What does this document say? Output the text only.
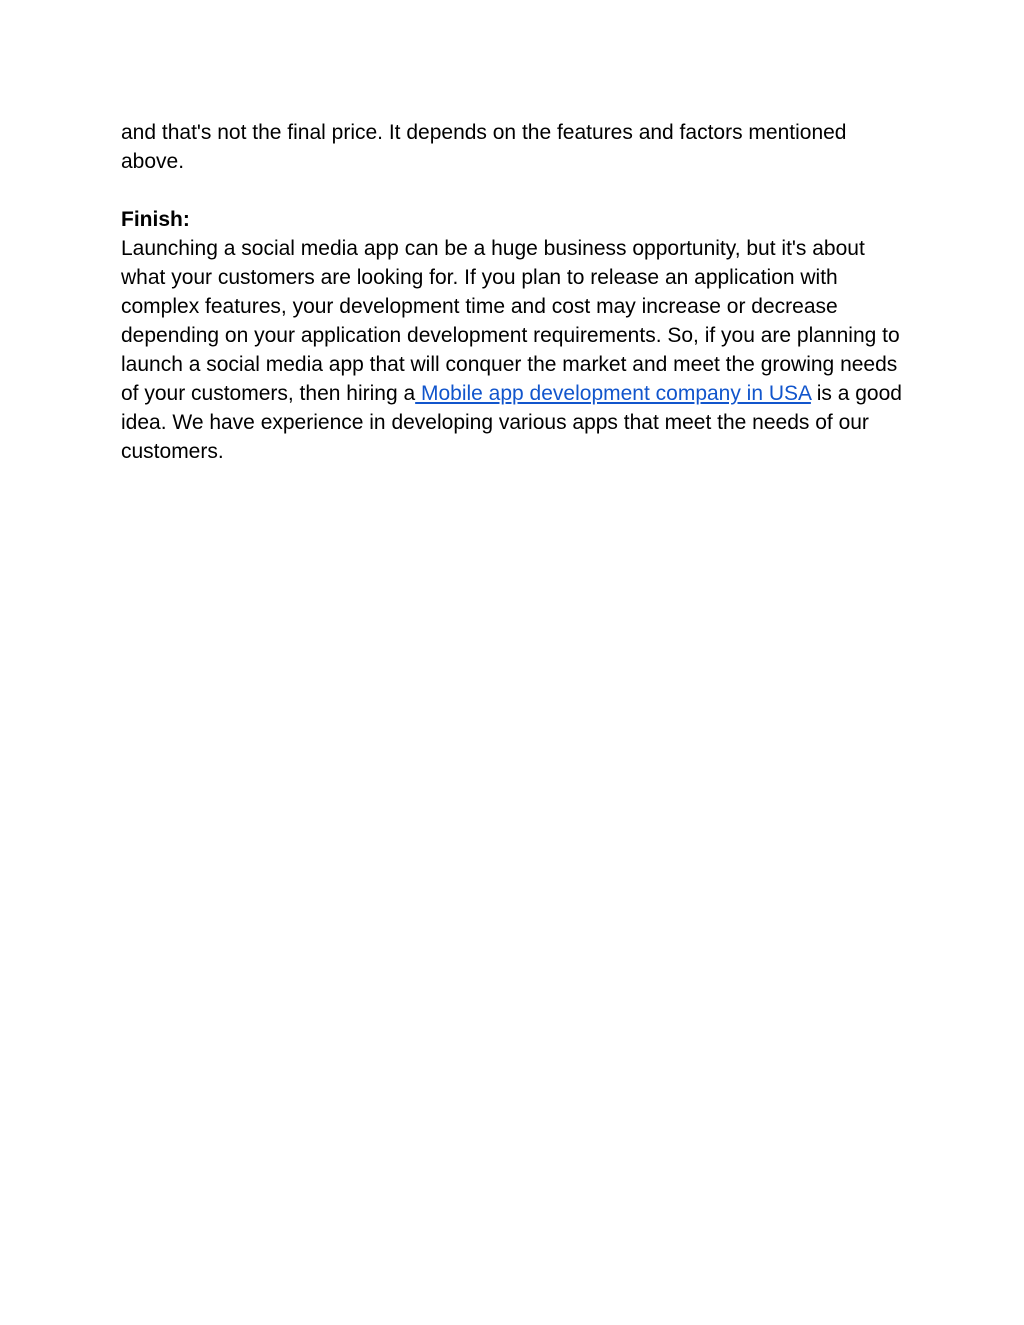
and that's not the final price. It depends on the features and factors mentioned above.

Finish:

Launching a social media app can be a huge business opportunity, but it's about what your customers are looking for. If you plan to release an application with complex features, your development time and cost may increase or decrease depending on your application development requirements. So, if you are planning to launch a social media app that will conquer the market and meet the growing needs of your customers, then hiring a Mobile app development company in USA is a good idea. We have experience in developing various apps that meet the needs of our customers.
